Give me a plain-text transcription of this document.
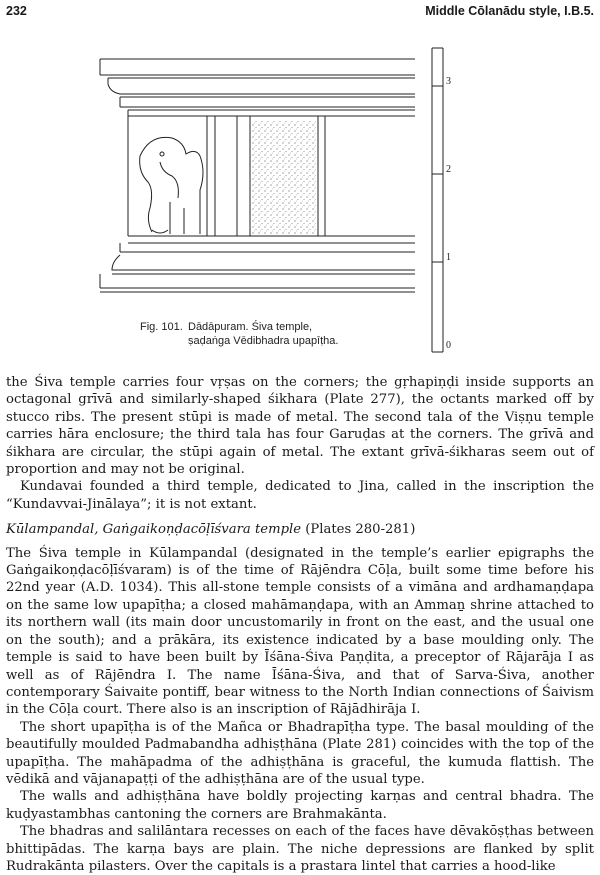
232	Middle Cōlanādu style, I.B.5.
0
1
2
3
Fig. 101. Dādāpuram. Śiva temple,
ṣaḍaṅga Vēdibhadra upapīṭha.

the Śiva temple carries four vṛṣas on the corners; the gṛhapiṇḍi inside supports an octagonal grīvā and similarly-shaped śikhara (Plate 277), the octants marked off by stucco ribs. The present stūpi is made of metal. The second tala of the Viṣṇu temple carries hāra enclosure; the third tala has four Garuḍas at the corners. The grīvā and śikhara are circular, the stūpi again of metal. The extant grīvā-śikharas seem out of proportion and may not be original.

Kundavai founded a third temple, dedicated to Jina, called in the inscription the “Kundavvai-Jinālaya”; it is not extant.

Kūlampandal, Gaṅgaikoṇḍacōḷīśvara temple (Plates 280-281)

The Śiva temple in Kūlampandal (designated in the temple’s earlier epigraphs the Gaṅgaikoṇḍacōḷīśvaram) is of the time of Rājēndra Cōḷa, built some time before his 22nd year (A.D. 1034). This all-stone temple consists of a vimāna and ardhamaṇḍapa on the same low upapīṭha; a closed mahāmaṇḍapa, with an Ammaṉ shrine attached to its northern wall (its main door uncustomarily in front on the east, and the usual one on the south); and a prākāra, its existence indicated by a base moulding only. The temple is said to have been built by Īśāna-Śiva Paṇḍita, a preceptor of Rājarāja I as well as of Rājēndra I. The name Īśāna-Śiva, and that of Sarva-Śiva, another contemporary Śaivaite pontiff, bear witness to the North Indian connections of Śaivism in the Cōḷa court. There also is an inscription of Rājādhirāja I.

The short upapīṭha is of the Mañca or Bhadrapīṭha type. The basal moulding of the beautifully moulded Padmabandha adhiṣṭhāna (Plate 281) coincides with the top of the upapīṭha. The mahāpadma of the adhiṣṭhāna is graceful, the kumuda flattish. The vēdikā and vājanapaṭṭi of the adhiṣṭhāna are of the usual type.

The walls and adhiṣṭhāna have boldly projecting karṇas and central bhadra. The kuḍyastambhas cantoning the corners are Brahmakānta.

The bhadras and salilāntara recesses on each of the faces have dēvakōṣṭhas between bhittipādas. The karṇa bays are plain. The niche depressions are flanked by split Rudrakānta pilasters. Over the capitals is a prastara lintel that carries a hood-like
